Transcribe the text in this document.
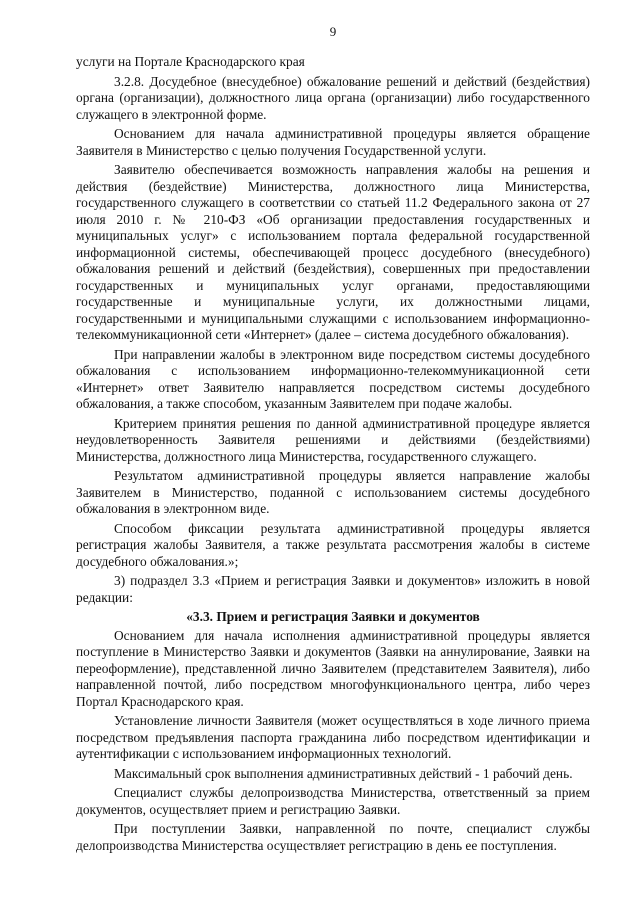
9

услуги на Портале Краснодарского края

3.2.8. Досудебное (внесудебное) обжалование решений и действий (бездействия) органа (организации), должностного лица органа (организации) либо государственного служащего в электронной форме.

Основанием для начала административной процедуры является обращение Заявителя в Министерство с целью получения Государственной услуги.

Заявителю обеспечивается возможность направления жалобы на решения и действия (бездействие) Министерства, должностного лица Министерства, государственного служащего в соответствии со статьей 11.2 Федерального закона от 27 июля 2010 г. № 210-ФЗ «Об организации предоставления государственных и муниципальных услуг» с использованием портала федеральной государственной информационной системы, обеспечивающей процесс досудебного (внесудебного) обжалования решений и действий (бездействия), совершенных при предоставлении государственных и муниципальных услуг органами, предоставляющими государственные и муниципальные услуги, их должностными лицами, государственными и муниципальными служащими с использованием информационно-телекоммуникационной сети «Интернет» (далее – система досудебного обжалования).

При направлении жалобы в электронном виде посредством системы досудебного обжалования с использованием информационно-телекоммуникационной сети «Интернет» ответ Заявителю направляется посредством системы досудебного обжалования, а также способом, указанным Заявителем при подаче жалобы.

Критерием принятия решения по данной административной процедуре является неудовлетворенность Заявителя решениями и действиями (бездействиями) Министерства, должностного лица Министерства, государственного служащего.

Результатом административной процедуры является направление жалобы Заявителем в Министерство, поданной с использованием системы досудебного обжалования в электронном виде.

Способом фиксации результата административной процедуры является регистрация жалобы Заявителя, а также результата рассмотрения жалобы в системе досудебного обжалования.»;

3) подраздел 3.3 «Прием и регистрация Заявки и документов» изложить в новой редакции:

«3.3. Прием и регистрация Заявки и документов

Основанием для начала исполнения административной процедуры является поступление в Министерство Заявки и документов (Заявки на аннулирование, Заявки на переоформление), представленной лично Заявителем (представителем Заявителя), либо направленной почтой, либо посредством многофункционального центра, либо через Портал Краснодарского края.

Установление личности Заявителя (может осуществляться в ходе личного приема посредством предъявления паспорта гражданина либо посредством идентификации и аутентификации с использованием информационных технологий.

Максимальный срок выполнения административных действий - 1 рабочий день.

Специалист службы делопроизводства Министерства, ответственный за прием документов, осуществляет прием и регистрацию Заявки.

При поступлении Заявки, направленной по почте, специалист службы делопроизводства Министерства осуществляет регистрацию в день ее поступления.
